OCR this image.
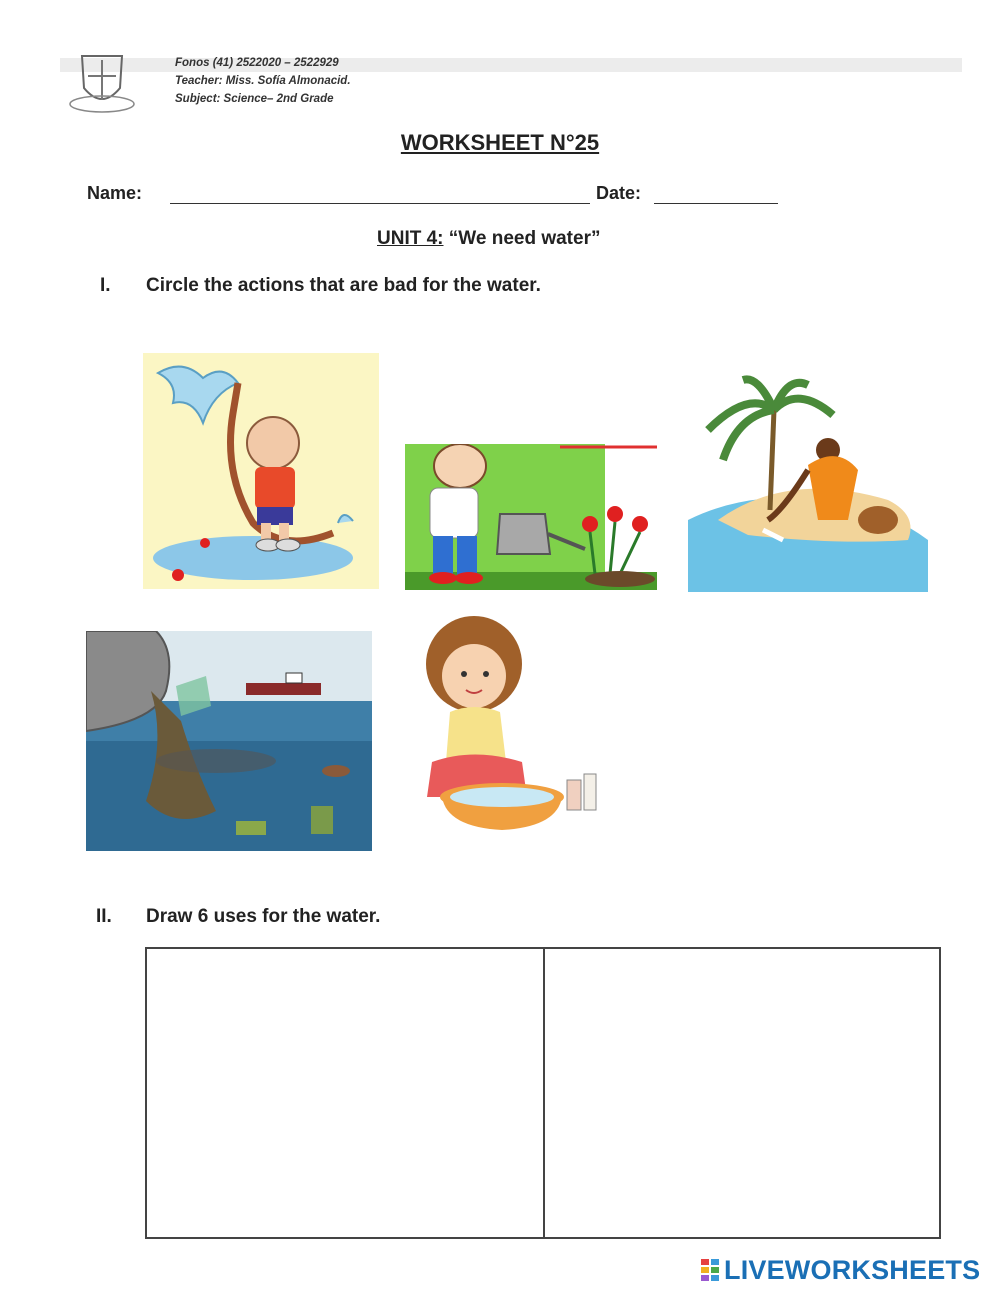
Fonos (41) 2522020 – 2522929
Teacher: Miss. Sofía Almonacid.
Subject: Science– 2nd Grade
WORKSHEET N°25
Name:	Date:
UNIT 4: “We need water”
I. Circle the actions that are bad for the water.
II. Draw 6 uses for the water.
LIVEWORKSHEETS
